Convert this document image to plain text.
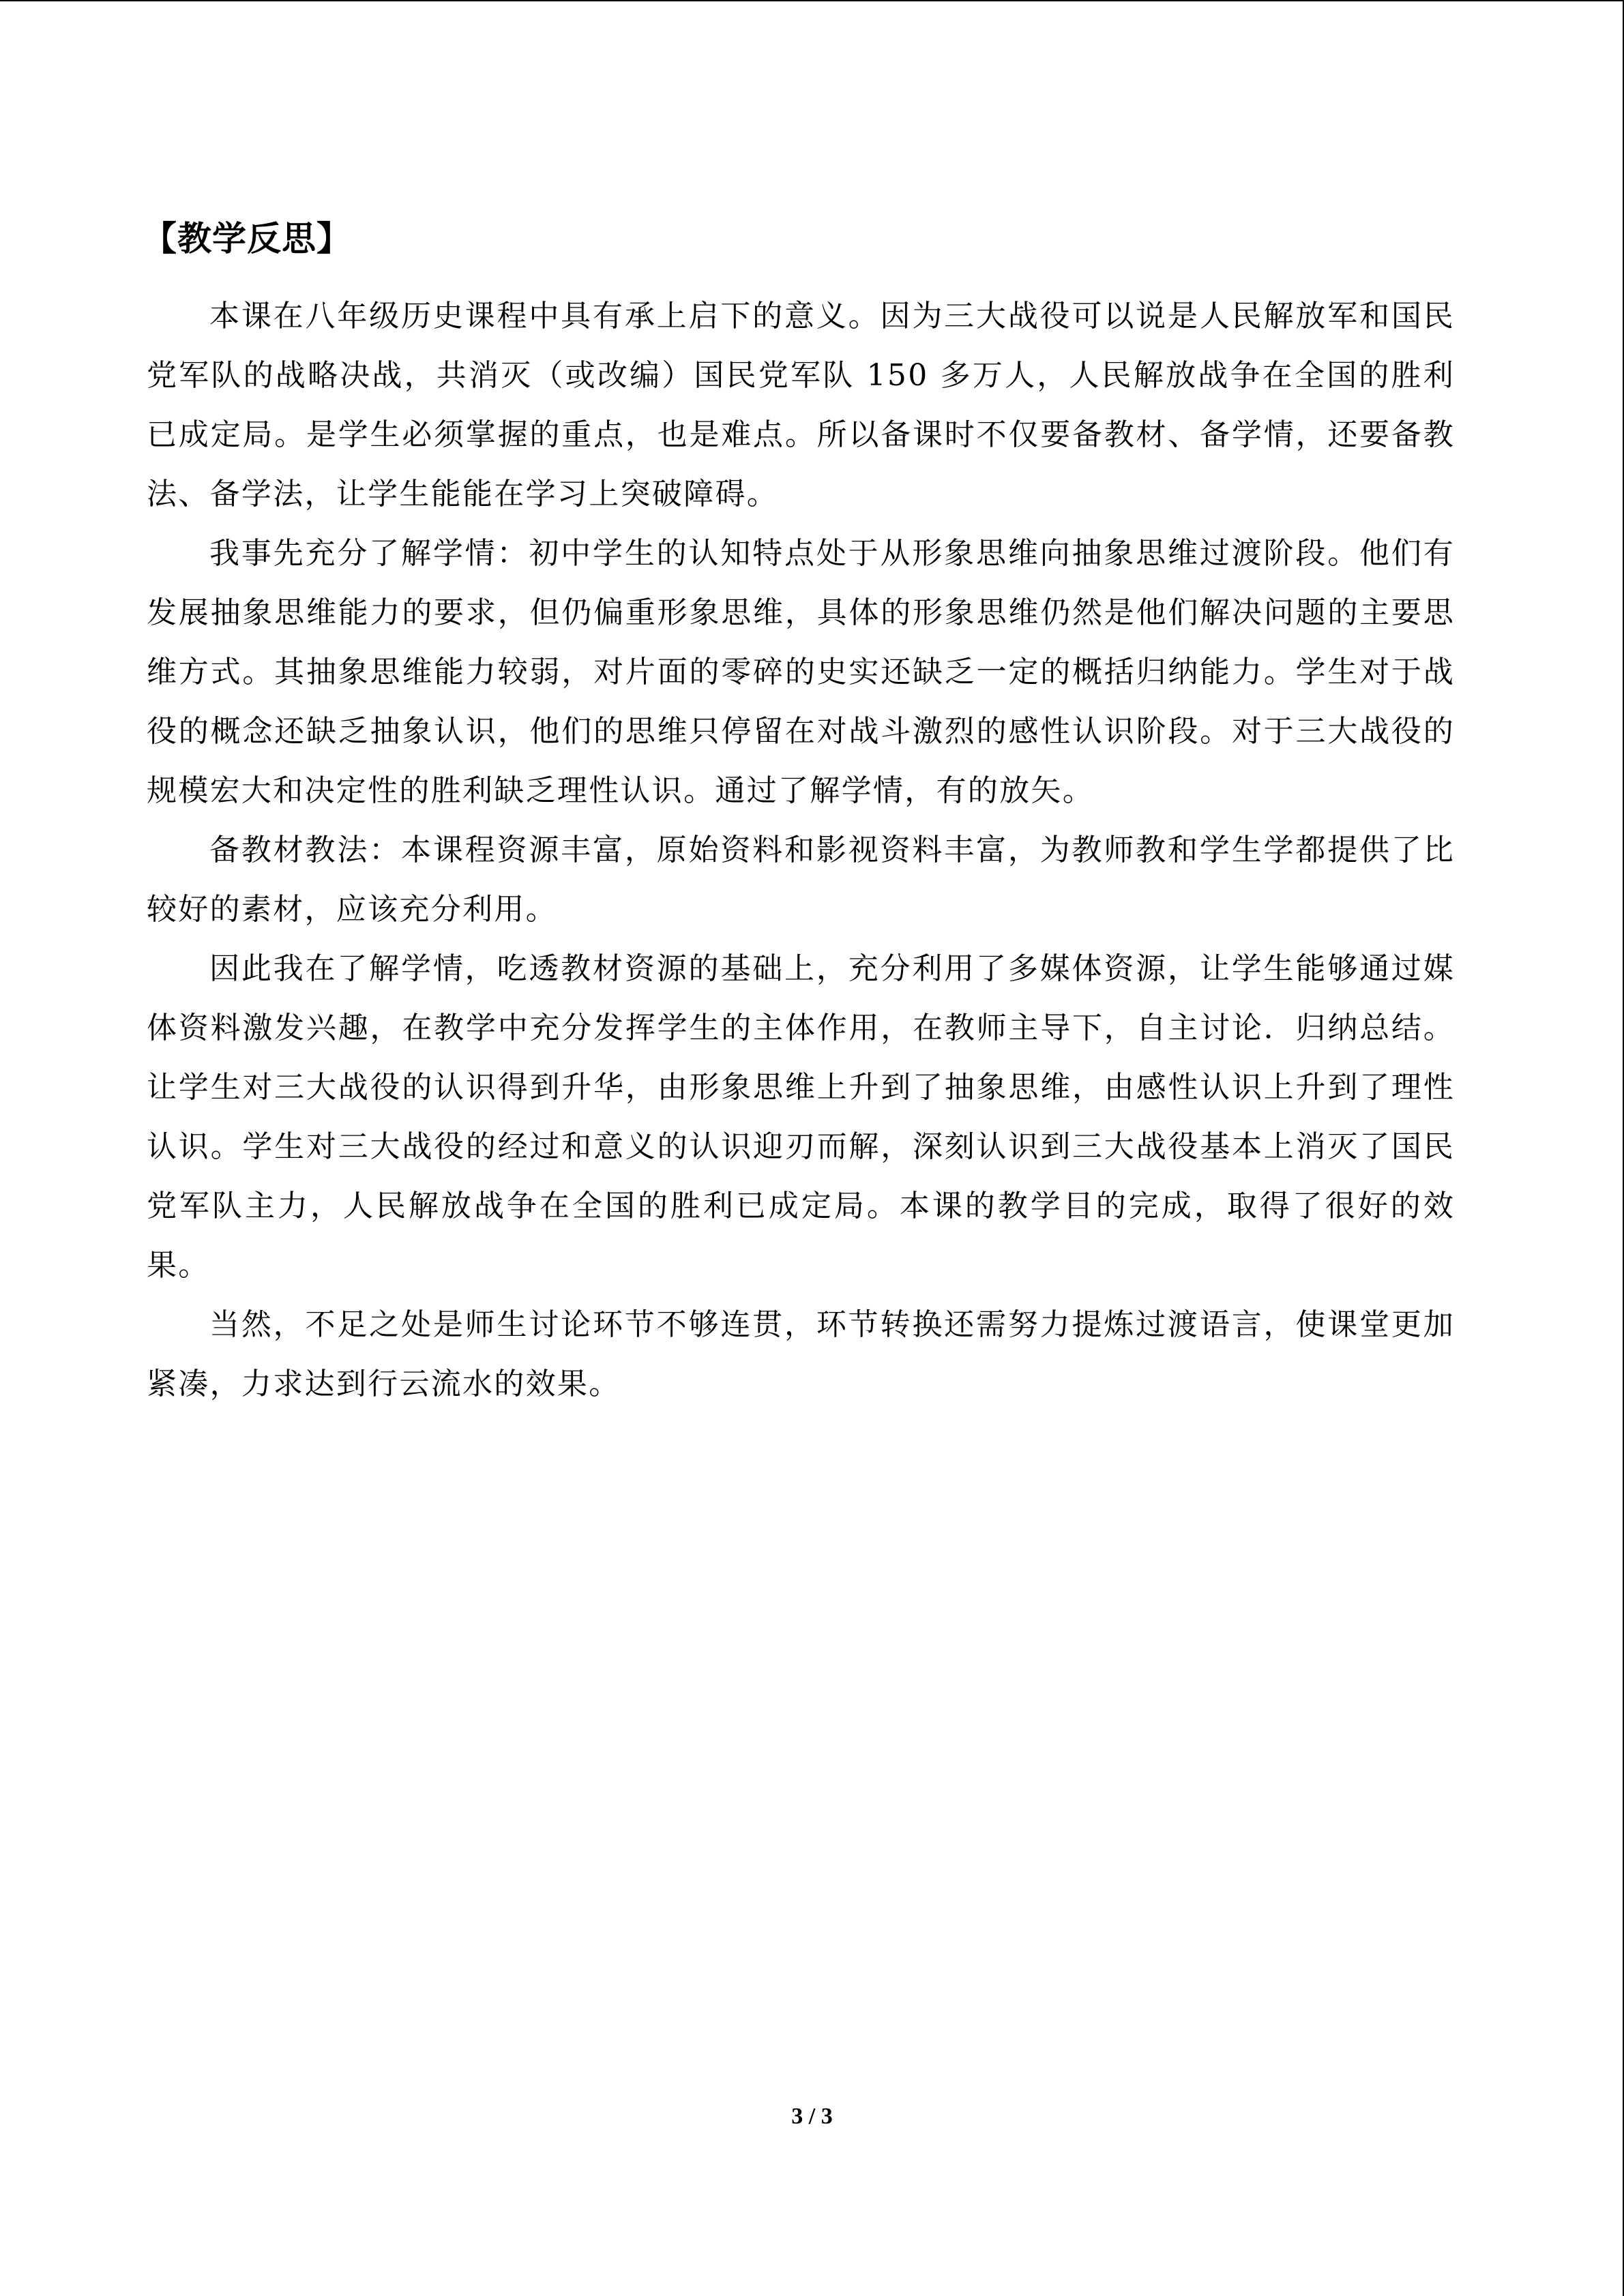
【教学反思】

本课在八年级历史课程中具有承上启下的意义。因为三大战役可以说是人民解放军和国民党军队的战略决战，共消灭（或改编）国民党军队 150 多万人，人民解放战争在全国的胜利已成定局。是学生必须掌握的重点，也是难点。所以备课时不仅要备教材、备学情，还要备教法、备学法，让学生能能在学习上突破障碍。

我事先充分了解学情：初中学生的认知特点处于从形象思维向抽象思维过渡阶段。他们有发展抽象思维能力的要求，但仍偏重形象思维，具体的形象思维仍然是他们解决问题的主要思维方式。其抽象思维能力较弱，对片面的零碎的史实还缺乏一定的概括归纳能力。学生对于战役的概念还缺乏抽象认识，他们的思维只停留在对战斗激烈的感性认识阶段。对于三大战役的规模宏大和决定性的胜利缺乏理性认识。通过了解学情，有的放矢。

备教材教法：本课程资源丰富，原始资料和影视资料丰富，为教师教和学生学都提供了比较好的素材，应该充分利用。

因此我在了解学情，吃透教材资源的基础上，充分利用了多媒体资源，让学生能够通过媒体资料激发兴趣，在教学中充分发挥学生的主体作用，在教师主导下，自主讨论．归纳总结。让学生对三大战役的认识得到升华，由形象思维上升到了抽象思维，由感性认识上升到了理性认识。学生对三大战役的经过和意义的认识迎刃而解，深刻认识到三大战役基本上消灭了国民党军队主力，人民解放战争在全国的胜利已成定局。本课的教学目的完成，取得了很好的效果。

当然，不足之处是师生讨论环节不够连贯，环节转换还需努力提炼过渡语言，使课堂更加紧凑，力求达到行云流水的效果。

3 / 3
